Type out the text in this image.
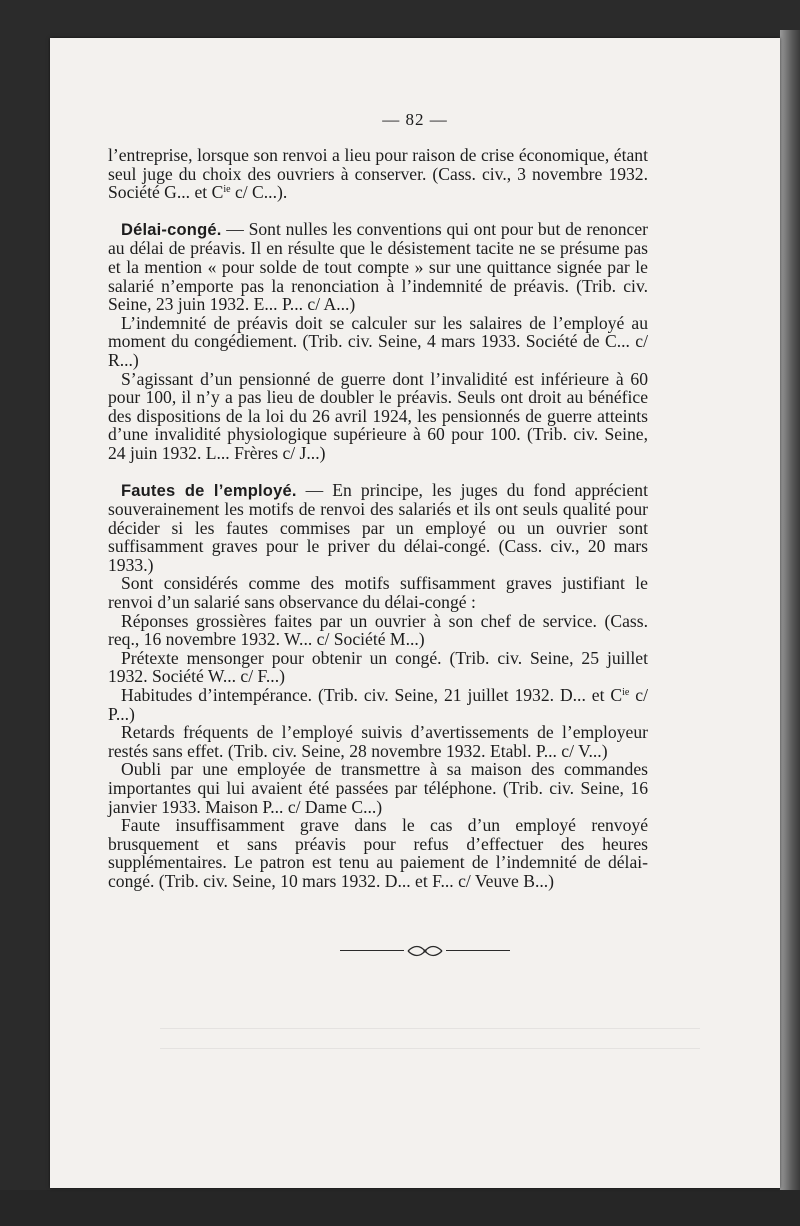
— 82 —

l’entreprise, lorsque son renvoi a lieu pour raison de crise économique, étant seul juge du choix des ouvriers à conserver. (Cass. civ., 3 novembre 1932. Société G... et $C^{ie}$ c/ C...).

Délai-congé. — Sont nulles les conventions qui ont pour but de renoncer au délai de préavis. Il en résulte que le désistement tacite ne se présume pas et la mention « pour solde de tout compte » sur une quittance signée par le salarié n’emporte pas la renonciation à l’indemnité de préavis. (Trib. civ. Seine, 23 juin 1932. E... P... c/ A...)

L’indemnité de préavis doit se calculer sur les salaires de l’employé au moment du congédiement. (Trib. civ. Seine, 4 mars 1933. Société de C... c/ R...)

S’agissant d’un pensionné de guerre dont l’invalidité est inférieure à 60 pour 100, il n’y a pas lieu de doubler le préavis. Seuls ont droit au bénéfice des dispositions de la loi du 26 avril 1924, les pensionnés de guerre atteints d’une invalidité physiologique supérieure à 60 pour 100. (Trib. civ. Seine, 24 juin 1932. L... Frères c/ J...)

Fautes de l’employé. — En principe, les juges du fond apprécient souverainement les motifs de renvoi des salariés et ils ont seuls qualité pour décider si les fautes commises par un employé ou un ouvrier sont suffisamment graves pour le priver du délai-congé. (Cass. civ., 20 mars 1933.)

Sont considérés comme des motifs suffisamment graves justifiant le renvoi d’un salarié sans observance du délai-congé :

Réponses grossières faites par un ouvrier à son chef de service. (Cass. req., 16 novembre 1932. W... c/ Société M...)

Prétexte mensonger pour obtenir un congé. (Trib. civ. Seine, 25 juillet 1932. Société W... c/ F...)

Habitudes d’intempérance. (Trib. civ. Seine, 21 juillet 1932. D... et $C^{ie}$ c/ P...)

Retards fréquents de l’employé suivis d’avertissements de l’employeur restés sans effet. (Trib. civ. Seine, 28 novembre 1932. Etabl. P... c/ V...)

Oubli par une employée de transmettre à sa maison des commandes importantes qui lui avaient été passées par téléphone. (Trib. civ. Seine, 16 janvier 1933. Maison P... c/ Dame C...)

Faute insuffisamment grave dans le cas d’un employé renvoyé brusquement et sans préavis pour refus d’effectuer des heures supplémentaires. Le patron est tenu au paiement de l’indemnité de délai-congé. (Trib. civ. Seine, 10 mars 1932. D... et F... c/ Veuve B...)
